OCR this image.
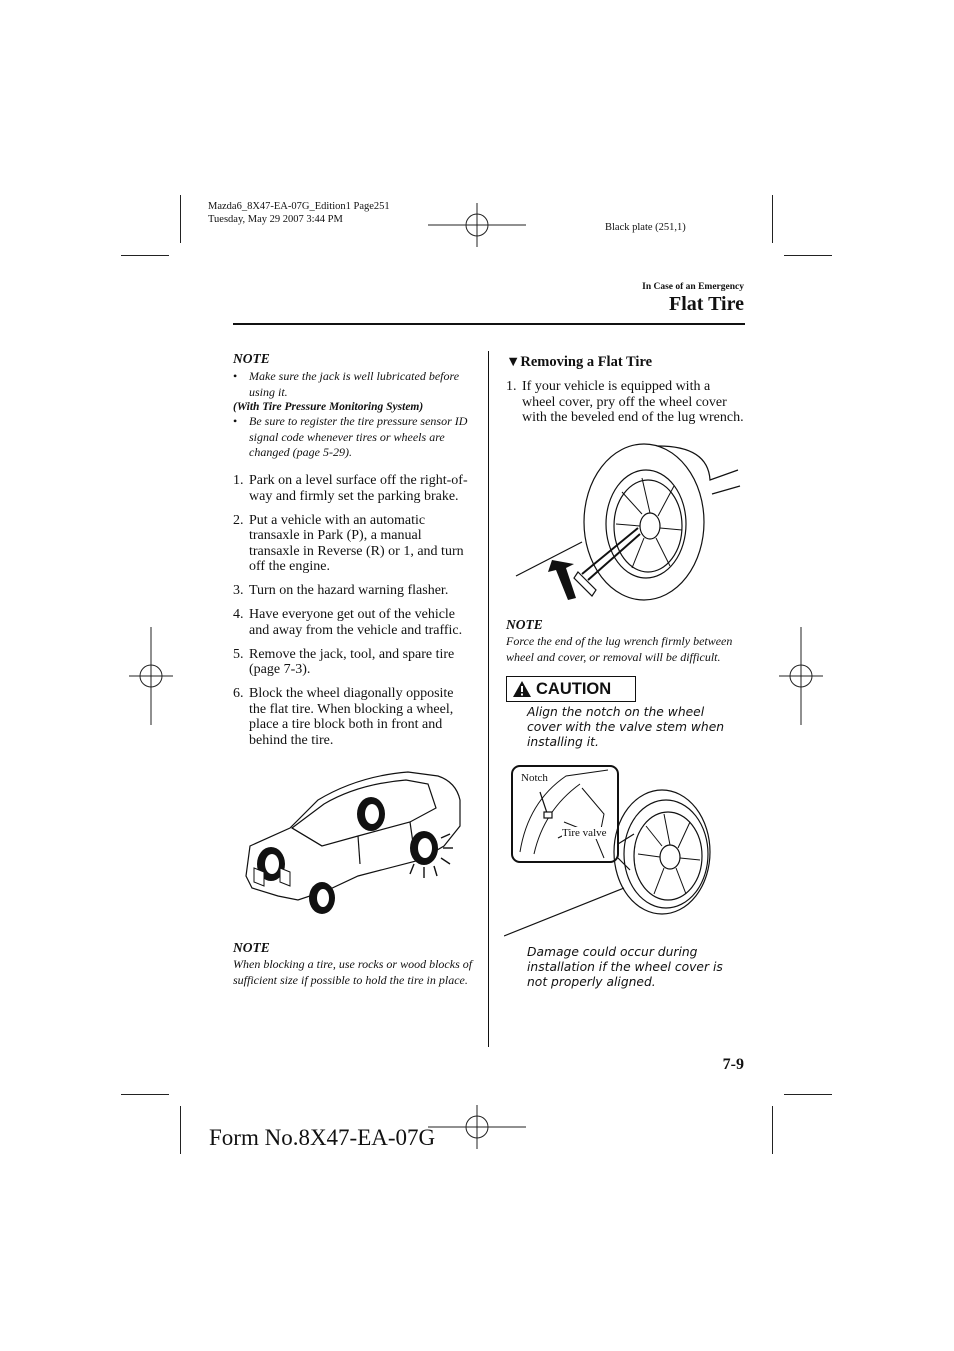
Mazda6_8X47-EA-07G_Edition1 Page251
Tuesday, May 29 2007 3:44 PM
Black plate (251,1)
In Case of an Emergency
Flat Tire
NOTE
• Make sure the jack is well lubricated before using it.
(With Tire Pressure Monitoring System)
• Be sure to register the tire pressure sensor ID signal code whenever tires or wheels are changed (page 5-29).
1. Park on a level surface off the right-of-way and firmly set the parking brake.
2. Put a vehicle with an automatic transaxle in Park (P), a manual transaxle in Reverse (R) or 1, and turn off the engine.
3. Turn on the hazard warning flasher.
4. Have everyone get out of the vehicle and away from the vehicle and traffic.
5. Remove the jack, tool, and spare tire (page 7-3).
6. Block the wheel diagonally opposite the flat tire. When blocking a wheel, place a tire block both in front and behind the tire.
NOTE
When blocking a tire, use rocks or wood blocks of sufficient size if possible to hold the tire in place.
▼Removing a Flat Tire
1. If your vehicle is equipped with a wheel cover, pry off the wheel cover with the beveled end of the lug wrench.
NOTE
Force the end of the lug wrench firmly between wheel and cover, or removal will be difficult.
CAUTION
Align the notch on the wheel cover with the valve stem when installing it.
Notch
Tire valve
Damage could occur during installation if the wheel cover is not properly aligned.
7-9
Form No.8X47-EA-07G
